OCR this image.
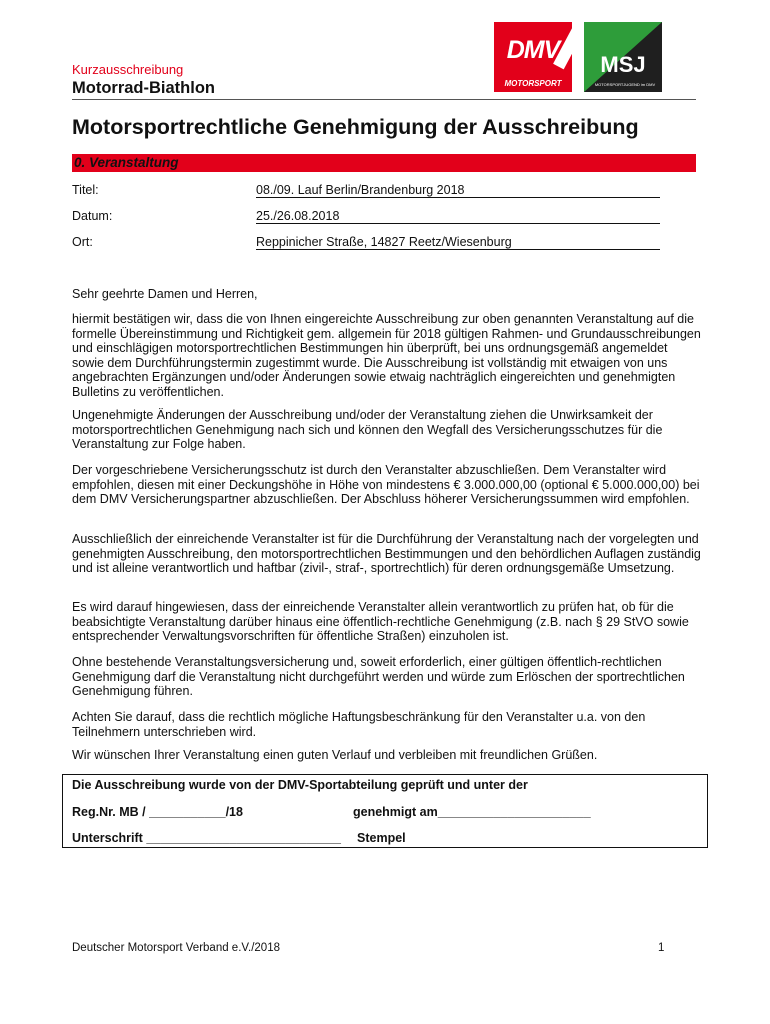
Kurzausschreibung
Motorrad-Biathlon
DMV
MOTORSPORT
MSJ
MOTORSPORTJUGEND im DMV
Motorsportrechtliche Genehmigung der Ausschreibung
0. Veranstaltung
Titel:	08./09. Lauf Berlin/Brandenburg 2018
Datum:	25./26.08.2018
Ort:	Reppinicher Straße, 14827 Reetz/Wiesenburg

Sehr geehrte Damen und Herren,

hiermit bestätigen wir, dass die von Ihnen eingereichte Ausschreibung zur oben genannten Veranstaltung auf die formelle Übereinstimmung und Richtigkeit gem. allgemein für 2018 gültigen Rahmen- und Grundausschreibungen und einschlägigen motorsportrechtlichen Bestimmungen hin überprüft, bei uns ordnungsgemäß angemeldet sowie dem Durchführungstermin zugestimmt wurde. Die Ausschreibung ist vollständig mit etwaigen von uns angebrachten Ergänzungen und/oder Änderungen sowie etwaig nachträglich eingereichten und genehmigten Bulletins zu veröffentlichen.

Ungenehmigte Änderungen der Ausschreibung und/oder der Veranstaltung ziehen die Unwirksamkeit der motorsportrechtlichen Genehmigung nach sich und können den Wegfall des Versicherungsschutzes für die Veranstaltung zur Folge haben.

Der vorgeschriebene Versicherungsschutz ist durch den Veranstalter abzuschließen. Dem Veranstalter wird empfohlen, diesen mit einer Deckungshöhe in Höhe von mindestens € 3.000.000,00 (optional € 5.000.000,00) bei dem DMV Versicherungspartner abzuschließen. Der Abschluss höherer Versicherungssummen wird empfohlen.

Ausschließlich der einreichende Veranstalter ist für die Durchführung der Veranstaltung nach der vorgelegten und genehmigten Ausschreibung, den motorsportrechtlichen Bestimmungen und den behördlichen Auflagen zuständig und ist alleine verantwortlich und haftbar (zivil-, straf-, sportrechtlich) für deren ordnungsgemäße Umsetzung.

Es wird darauf hingewiesen, dass der einreichende Veranstalter allein verantwortlich zu prüfen hat, ob für die beabsichtigte Veranstaltung darüber hinaus eine öffentlich-rechtliche Genehmigung (z.B. nach § 29 StVO sowie entsprechender Verwaltungsvorschriften für öffentliche Straßen) einzuholen ist.

Ohne bestehende Veranstaltungsversicherung und, soweit erforderlich, einer gültigen öffentlich-rechtlichen Genehmigung darf die Veranstaltung nicht durchgeführt werden und würde zum Erlöschen der sportrechtlichen Genehmigung führen.

Achten Sie darauf, dass die rechtlich mögliche Haftungsbeschränkung für den Veranstalter u.a. von den Teilnehmern unterschrieben wird.

Wir wünschen Ihrer Veranstaltung einen guten Verlauf und verbleiben mit freundlichen Grüßen.

Die Ausschreibung wurde von der DMV-Sportabteilung geprüft und unter der
Reg.Nr. MB / ___________/18	genehmigt am______________________
Unterschrift ____________________________ Stempel
Deutscher Motorsport Verband e.V./2018	1
